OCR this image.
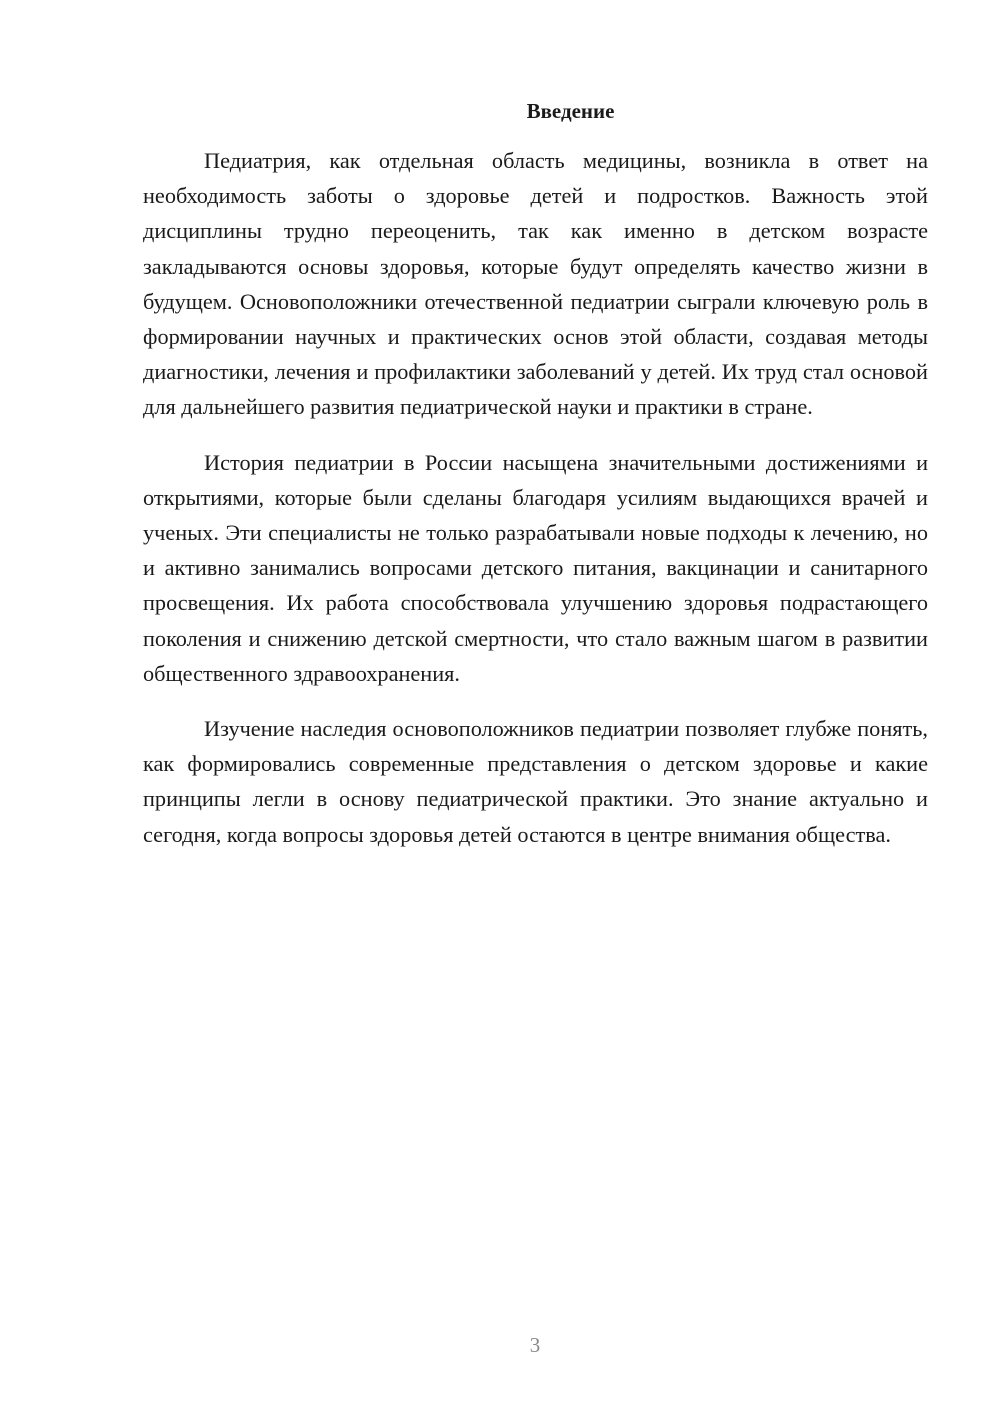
Введение

Педиатрия, как отдельная область медицины, возникла в ответ на необходимость заботы о здоровье детей и подростков. Важность этой дисциплины трудно переоценить, так как именно в детском возрасте закладываются основы здоровья, которые будут определять качество жизни в будущем. Основоположники отечественной педиатрии сыграли ключевую роль в формировании научных и практических основ этой области, создавая методы диагностики, лечения и профилактики заболеваний у детей. Их труд стал основой для дальнейшего развития педиатрической науки и практики в стране.

История педиатрии в России насыщена значительными достижениями и открытиями, которые были сделаны благодаря усилиям выдающихся врачей и ученых. Эти специалисты не только разрабатывали новые подходы к лечению, но и активно занимались вопросами детского питания, вакцинации и санитарного просвещения. Их работа способствовала улучшению здоровья подрастающего поколения и снижению детской смертности, что стало важным шагом в развитии общественного здравоохранения.

Изучение наследия основоположников педиатрии позволяет глубже понять, как формировались современные представления о детском здоровье и какие принципы легли в основу педиатрической практики. Это знание актуально и сегодня, когда вопросы здоровья детей остаются в центре внимания общества.

3
